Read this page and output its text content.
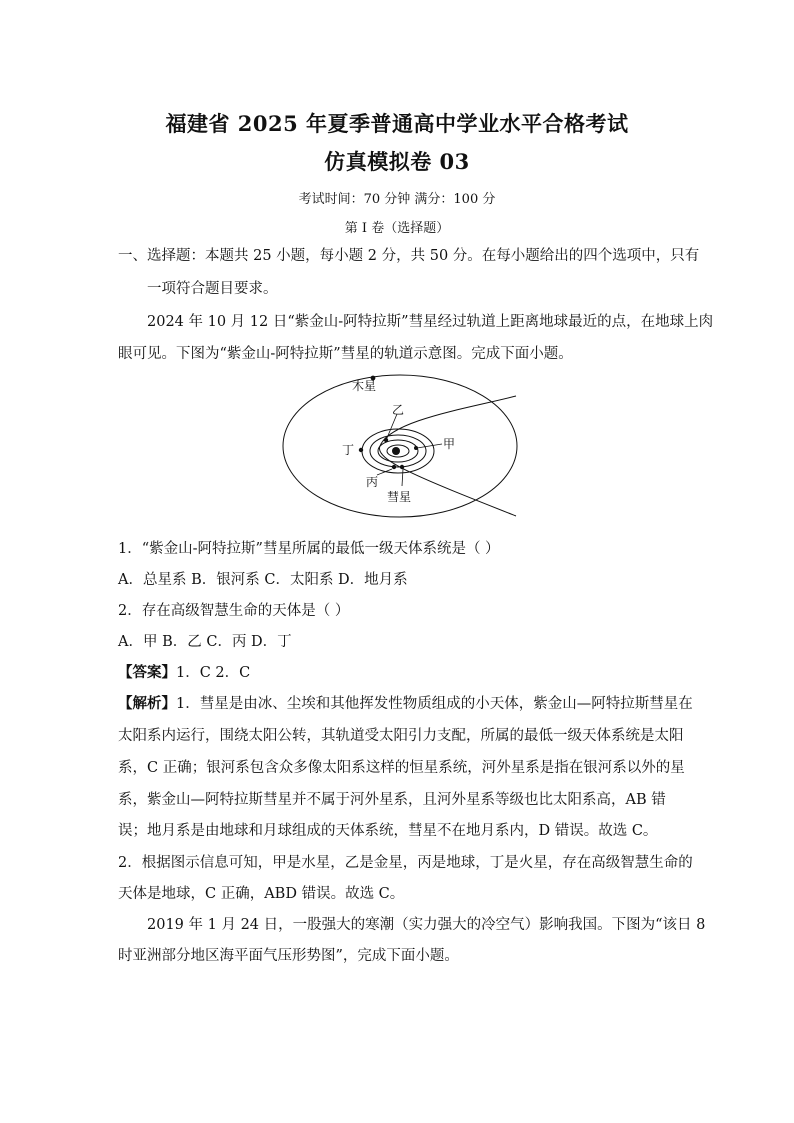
福建省 2025 年夏季普通高中学业水平合格考试
仿真模拟卷 03
考试时间：70 分钟 满分：100 分
第 I 卷（选择题）
一、选择题：本题共 25 小题，每小题 2 分，共 50 分。在每小题给出的四个选项中，只有
一项符合题目要求。
2024 年 10 月 12 日“紫金山-阿特拉斯”彗星经过轨道上距离地球最近的点，在地球上肉
眼可见。下图为“紫金山-阿特拉斯”彗星的轨道示意图。完成下面小题。
木星
乙
甲
丁
丙
彗星
1．“紫金山-阿特拉斯”彗星所属的最低一级天体系统是（ ）
A．总星系 B．银河系 C．太阳系 D．地月系
2．存在高级智慧生命的天体是（ ）
A．甲 B．乙 C．丙 D．丁
【答案】1．C 2．C
【解析】1．彗星是由冰、尘埃和其他挥发性物质组成的小天体，紫金山—阿特拉斯彗星在
太阳系内运行，围绕太阳公转，其轨道受太阳引力支配，所属的最低一级天体系统是太阳
系，C 正确；银河系包含众多像太阳系这样的恒星系统，河外星系是指在银河系以外的星
系，紫金山—阿特拉斯彗星并不属于河外星系，且河外星系等级也比太阳系高，AB 错
误；地月系是由地球和月球组成的天体系统，彗星不在地月系内，D 错误。故选 C。
2．根据图示信息可知，甲是水星，乙是金星，丙是地球，丁是火星，存在高级智慧生命的
天体是地球，C 正确，ABD 错误。故选 C。
2019 年 1 月 24 日，一股强大的寒潮（实力强大的冷空气）影响我国。下图为“该日 8
时亚洲部分地区海平面气压形势图”，完成下面小题。
